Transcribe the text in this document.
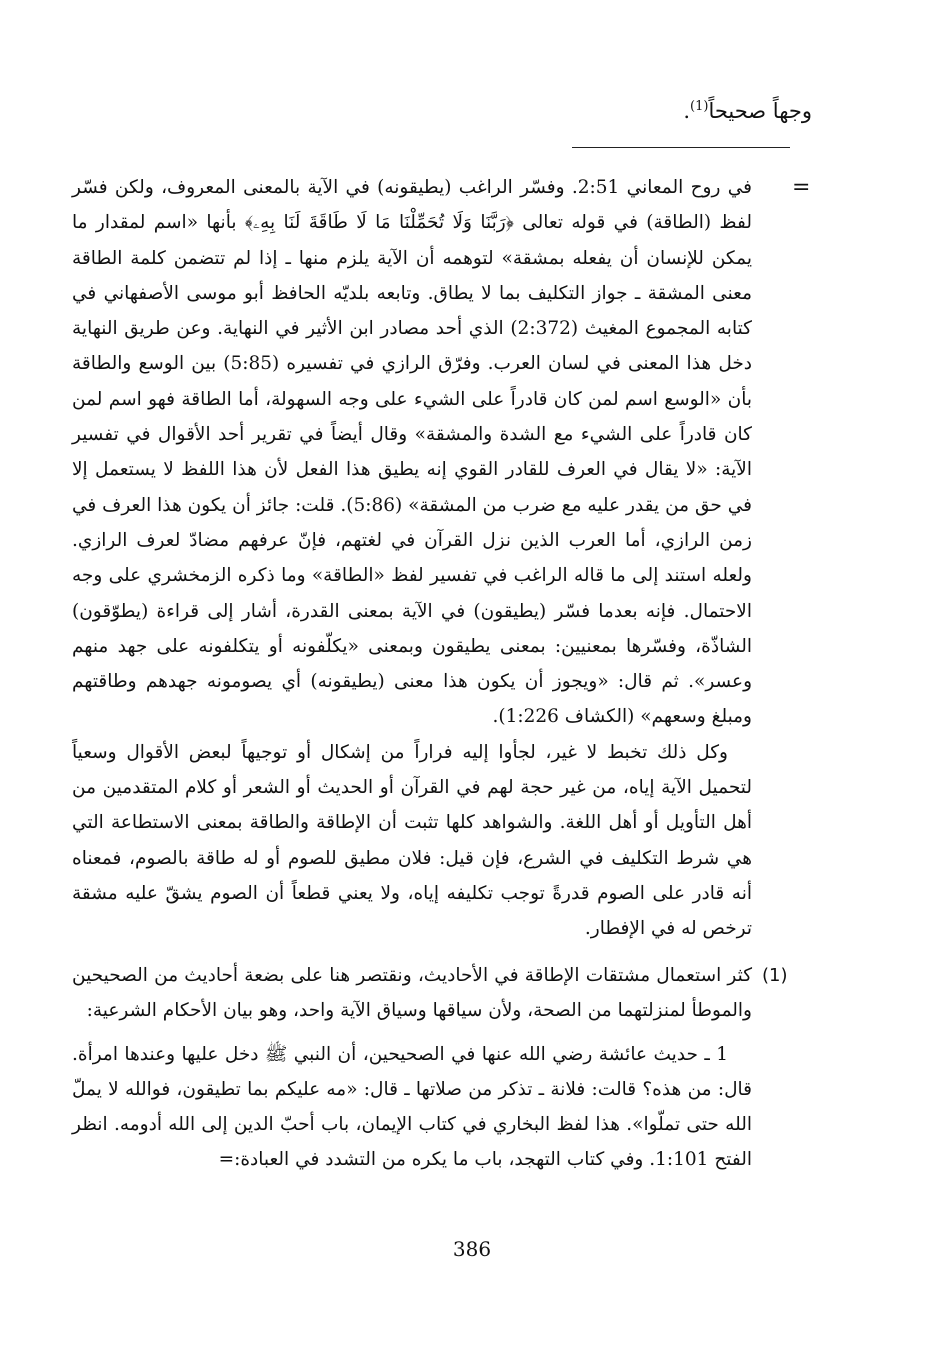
وجهاً صحيحاً$^{(1)}$.
=

في روح المعاني 2:51. وفسّر الراغب (يطيقونه) في الآية بالمعنى المعروف، ولكن فسّر لفظ (الطاقة) في قوله تعالى ﴿رَبَّنَا وَلَا تُحَمِّلْنَا مَا لَا طَاقَةَ لَنَا بِهِۦ﴾ بأنها «اسم لمقدار ما يمكن للإنسان أن يفعله بمشقة» لتوهمه أن الآية يلزم منها ـ إذا لم تتضمن كلمة الطاقة معنى المشقة ـ جواز التكليف بما لا يطاق. وتابعه بلديّه الحافظ أبو موسى الأصفهاني في كتابه المجموع المغيث (2:372) الذي أحد مصادر ابن الأثير في النهاية. وعن طريق النهاية دخل هذا المعنى في لسان العرب. وفرّق الرازي في تفسيره (5:85) بين الوسع والطاقة بأن «الوسع اسم لمن كان قادراً على الشيء على وجه السهولة، أما الطاقة فهو اسم لمن كان قادراً على الشيء مع الشدة والمشقة» وقال أيضاً في تقرير أحد الأقوال في تفسير الآية: «لا يقال في العرف للقادر القوي إنه يطيق هذا الفعل لأن هذا اللفظ لا يستعمل إلا في حق من يقدر عليه مع ضرب من المشقة» (5:86). قلت: جائز أن يكون هذا العرف في زمن الرازي، أما العرب الذين نزل القرآن في لغتهم، فإنّ عرفهم مضادّ لعرف الرازي. ولعله استند إلى ما قاله الراغب في تفسير لفظ «الطاقة» وما ذكره الزمخشري على وجه الاحتمال. فإنه بعدما فسّر (يطيقون) في الآية بمعنى القدرة، أشار إلى قراءة (يطوّقون) الشاذّة، وفسّرها بمعنيين: بمعنى يطيقون وبمعنى «يكلّفونه أو يتكلفونه على جهد منهم وعسر». ثم قال: «ويجوز أن يكون هذا معنى (يطيقونه) أي يصومونه جهدهم وطاقتهم ومبلغ وسعهم» (الكشاف 1:226).

وكل ذلك تخبط لا غير، لجأوا إليه فراراً من إشكال أو توجيهاً لبعض الأقوال وسعياً لتحميل الآية إياه، من غير حجة لهم في القرآن أو الحديث أو الشعر أو كلام المتقدمين من أهل التأويل أو أهل اللغة. والشواهد كلها تثبت أن الإطاقة والطاقة بمعنى الاستطاعة التي هي شرط التكليف في الشرع، فإن قيل: فلان مطيق للصوم أو له طاقة بالصوم، فمعناه أنه قادر على الصوم قدرةً توجب تكليفه إياه، ولا يعني قطعاً أن الصوم يشقّ عليه مشقة ترخص له في الإفطار.

(1)

كثر استعمال مشتقات الإطاقة في الأحاديث، ونقتصر هنا على بضعة أحاديث من الصحيحين والموطأ لمنزلتهما من الصحة، ولأن سياقها وسياق الآية واحد، وهو بيان الأحكام الشرعية:

1 ـ حديث عائشة رضي الله عنها في الصحيحين، أن النبي ﷺ دخل عليها وعندها امرأة. قال: من هذه؟ قالت: فلانة ـ تذكر من صلاتها ـ قال: «مه عليكم بما تطيقون، فوالله لا يملّ الله حتى تملّوا». هذا لفظ البخاري في كتاب الإيمان، باب أحبّ الدين إلى الله أدومه. انظر الفتح 1:101. وفي كتاب التهجد، باب ما يكره من التشدد في العبادة:=

386
